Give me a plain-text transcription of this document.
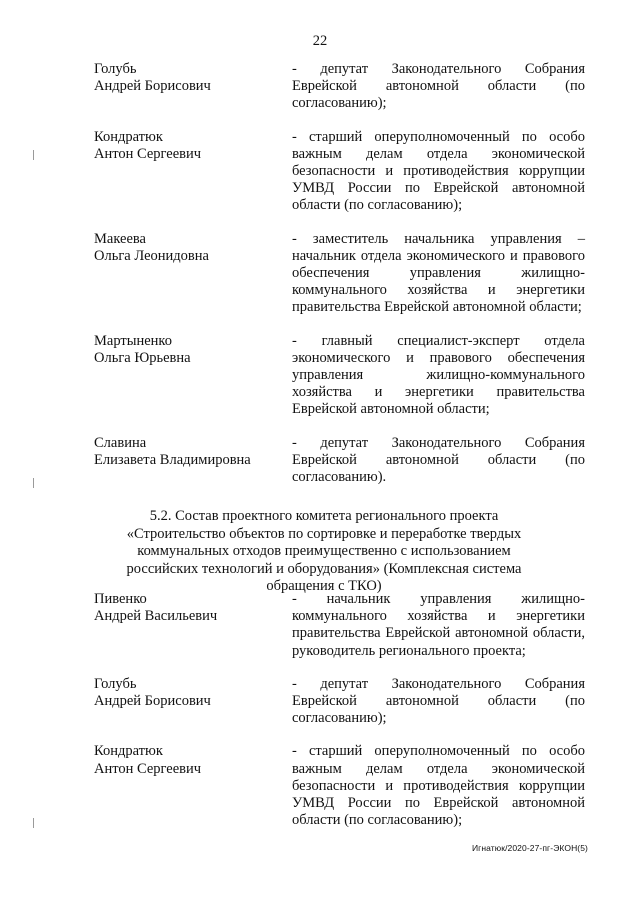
22
Голубь
Андрей Борисович
- депутат Законодательного Собрания Еврейской автономной области (по согласованию);
Кондратюк
Антон Сергеевич
- старший оперуполномоченный по особо важным делам отдела экономической безопасности и противодействия коррупции УМВД России по Еврейской автономной области (по согласованию);
Макеева
Ольга Леонидовна
- заместитель начальника управления – начальник отдела экономического и правового обеспечения управления жилищно-коммунального хозяйства и энергетики правительства Еврейской автономной области;
Мартыненко
Ольга Юрьевна
- главный специалист-эксперт отдела экономического и правового обеспечения управления жилищно-коммунального хозяйства и энергетики правительства Еврейской автономной области;
Славина
Елизавета Владимировна
- депутат Законодательного Собрания Еврейской автономной области (по согласованию).
5.2. Состав проектного комитета регионального проекта «Строительство объектов по сортировке и переработке твердых коммунальных отходов преимущественно с использованием российских технологий и оборудования» (Комплексная система обращения с ТКО)
Пивенко
Андрей Васильевич
- начальник управления жилищно-коммунального хозяйства и энергетики правительства Еврейской автономной области, руководитель регионального проекта;
Голубь
Андрей Борисович
- депутат Законодательного Собрания Еврейской автономной области (по согласованию);
Кондратюк
Антон Сергеевич
- старший оперуполномоченный по особо важным делам отдела экономической безопасности и противодействия коррупции УМВД России по Еврейской автономной области (по согласованию);
Игнатюк/2020-27-пг-ЭКОН(5)
